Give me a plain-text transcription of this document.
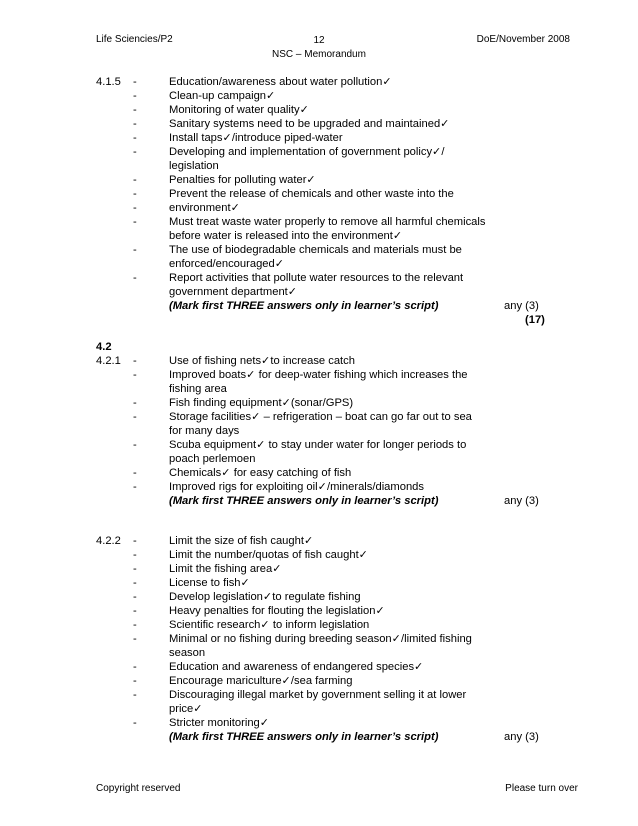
Life Sciencies/P2	12
NSC – Memorandum
DoE/November 2008
4.1.5 -	Education/awareness about water pollution✓
-	Clean-up campaign✓
-	Monitoring of water quality✓
-	Sanitary systems need to be upgraded and maintained✓
-	Install taps✓/introduce piped-water
-	Developing and implementation of government policy✓/
legislation
-	Penalties for polluting water✓
-	Prevent the release of chemicals and other waste into the
-	environment✓
-	Must treat waste water properly to remove all harmful chemicals
before water is released into the environment✓
-	The use of biodegradable chemicals and materials must be
enforced/encouraged✓
-	Report activities that pollute water resources to the relevant
government department✓
(Mark first THREE answers only in learner’s script)	any (3)
(17)
4.2
4.2.1 -	Use of fishing nets✓to increase catch
-	Improved boats✓ for deep-water fishing which increases the
fishing area
-	Fish finding equipment✓(sonar/GPS)
-	Storage facilities✓ – refrigeration – boat can go far out to sea
for many days
-	Scuba equipment✓ to stay under water for longer periods to
poach perlemoen
-	Chemicals✓ for easy catching of fish
-	Improved rigs for exploiting oil✓/minerals/diamonds
(Mark first THREE answers only in learner’s script)	any (3)
4.2.2 -	Limit the size of fish caught✓
-	Limit the number/quotas of fish caught✓
-	Limit the fishing area✓
-	License to fish✓
-	Develop legislation✓to regulate fishing
-	Heavy penalties for flouting the legislation✓
-	Scientific research✓ to inform legislation
-	Minimal or no fishing during breeding season✓/limited fishing
season
-	Education and awareness of endangered species✓
-	Encourage mariculture✓/sea farming
-	Discouraging illegal market by government selling it at lower
price✓
-	Stricter monitoring✓
(Mark first THREE answers only in learner’s script)	any (3)
Copyright reserved	Please turn over
